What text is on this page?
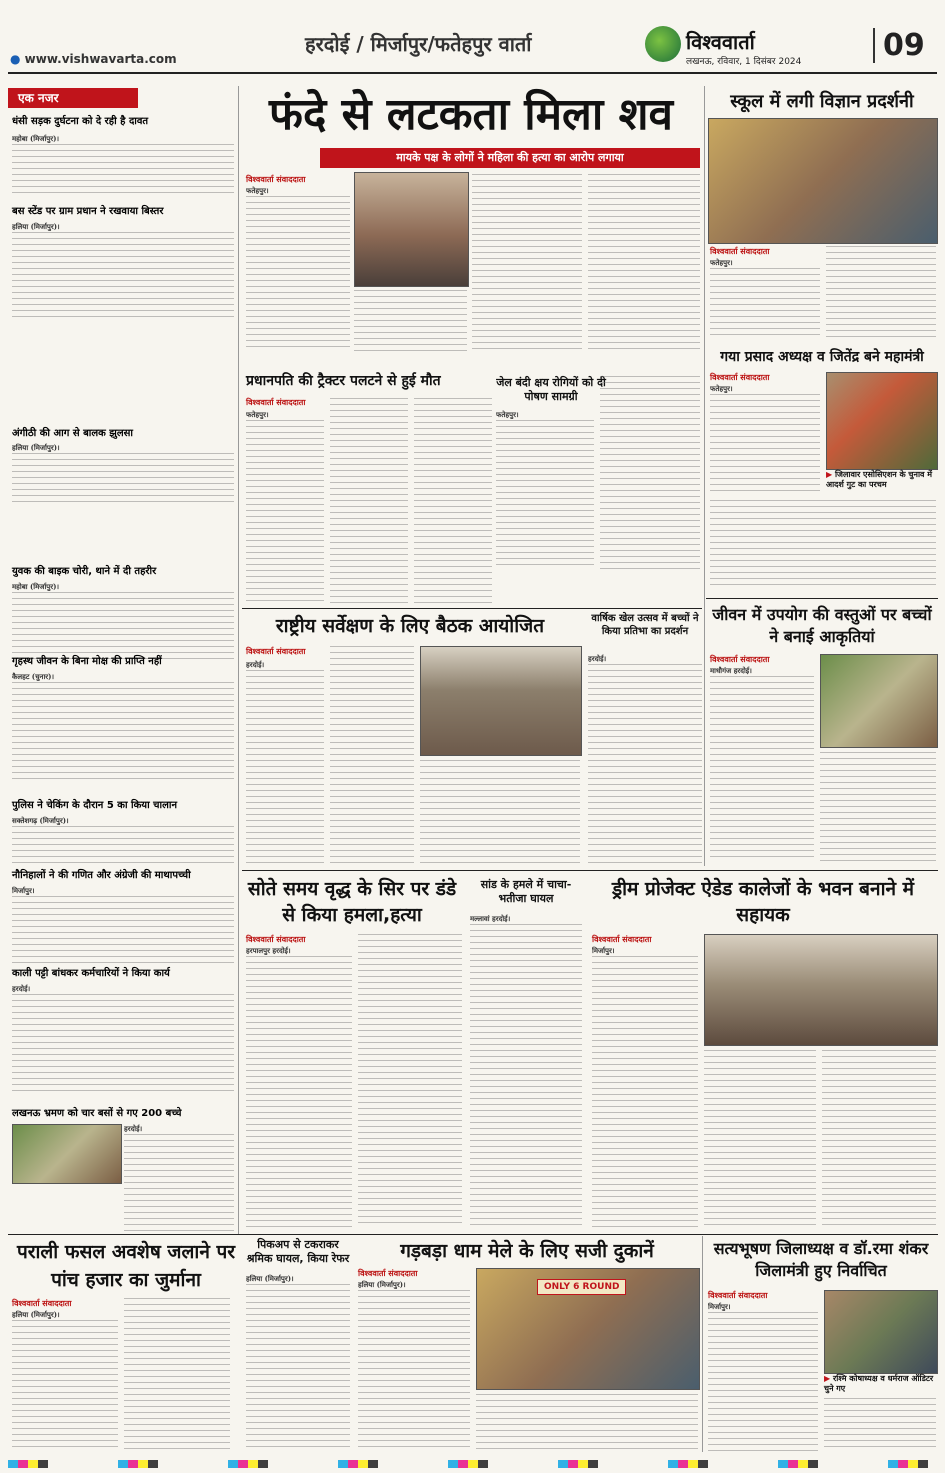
हरदोई / मिर्जापुर/फतेहपुर वार्ता
● www.vishwavarta.com
विश्ववार्ता
लखनऊ, रविवार, 1 दिसंबर 2024	09
एक नजर
धंसी सड़क दुर्घटना को दे रही है दावत
महोबा (मिर्जापुर)।
बस स्टेंड पर ग्राम प्रधान ने रखवाया बिस्तर
हलिया (मिर्जापुर)।
अंगीठी की आग से बालक झुलसा
हलिया (मिर्जापुर)।
युवक की बाइक चोरी, थाने में दी तहरीर
महोबा (मिर्जापुर)।
गृहस्थ जीवन के बिना मोक्ष की प्राप्ति नहीं
कैलहट (चुनार)।
पुलिस ने चेकिंग के दौरान 5 का किया चालान
सक्तेशगढ़ (मिर्जापुर)।
नौनिहालों ने की गणित और अंग्रेजी की माथापच्ची
मिर्जापुर।
काली पट्टी बांधकर कर्मचारियों ने किया कार्य
हरदोई।
लखनऊ भ्रमण को चार बसों से गए 200 बच्चे
हरदोई।
फंदे से लटकता मिला शव
मायके पक्ष के लोगों ने महिला की हत्या का आरोप लगाया
विश्ववार्ता संवाददाता
फतेहपुर।
प्रधानपति की ट्रैक्टर पलटने से हुई मौत
विश्ववार्ता संवाददाता
फतेहपुर।
जेल बंदी क्षय रोगियों को दी पोषण सामग्री
फतेहपुर।
राष्ट्रीय सर्वेक्षण के लिए बैठक आयोजित
विश्ववार्ता संवाददाता
हरदोई।
वार्षिक खेल उत्सव में बच्चों ने किया प्रतिभा का प्रदर्शन
हरदोई।
स्कूल में लगी विज्ञान प्रदर्शनी
विश्ववार्ता संवाददाता
फतेहपुर।
गया प्रसाद अध्यक्ष व जितेंद्र बने महामंत्री
विश्ववार्ता संवाददाता
फतेहपुर।
▶ जिलावार एसोसिएशन के चुनाव में आदर्श गुट का परचम
जीवन में उपयोग की वस्तुओं पर बच्चों ने बनाई आकृतियां
विश्ववार्ता संवाददाता
माधौगंज हरदोई।
सोते समय वृद्ध के सिर पर डंडे से किया हमला,हत्या
विश्ववार्ता संवाददाता
हरपालपुर हरदोई।
सांड के हमले में चाचा-भतीजा घायल
मल्लावां हरदोई।
ड्रीम प्रोजेक्ट ऐडेड कालेजों के भवन बनाने में सहायक
विश्ववार्ता संवाददाता
मिर्जापुर।
पराली फसल अवशेष जलाने पर पांच हजार का जुर्माना
विश्ववार्ता संवाददाता
हलिया (मिर्जापुर)।
पिकअप से टकराकर श्रमिक घायल, किया रेफर
हलिया (मिर्जापुर)।
गड़बड़ा धाम मेले के लिए सजी दुकानें
विश्ववार्ता संवाददाता
हलिया (मिर्जापुर)।	ONLY 6 ROUND
सत्यभूषण जिलाध्यक्ष व डॉ.रमा शंकर जिलामंत्री हुए निर्वाचित
विश्ववार्ता संवाददाता
मिर्जापुर।
▶ रश्मि कोषाध्यक्ष व धर्मराज ऑडिटर चुने गए
